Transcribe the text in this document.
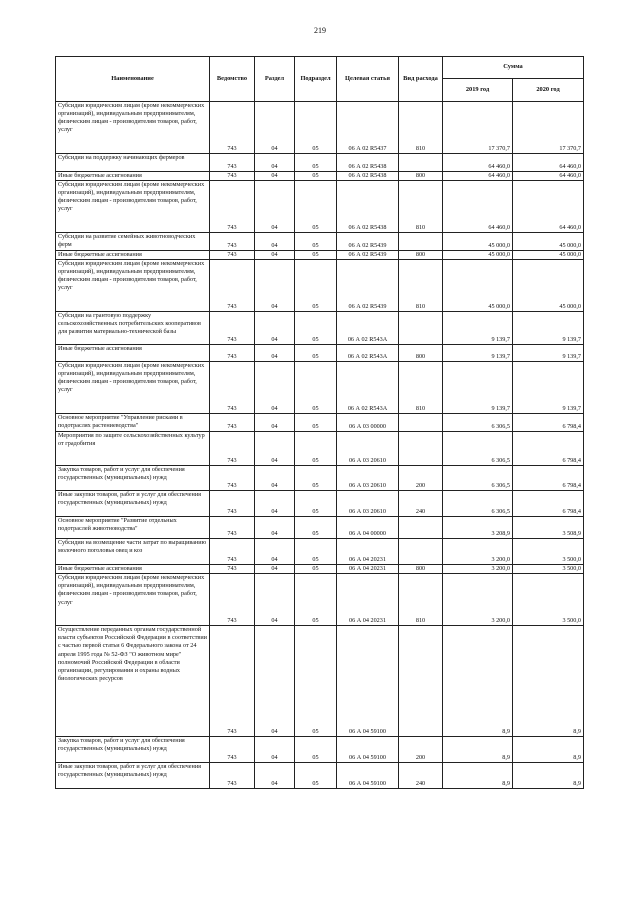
219
Наименование	Ведомство	Раздел	Подраздел	Целевая статья	Вид расхода	Сумма	
						2019 год	2020 год
Субсидии юридическим лицам (кроме некоммерческих организаций), индивидуальным предпринимателям, физическим лицам - производителям товаров, работ, услуг	743	04	05	06 А 02 R5437	810	17 370,7	17 370,7
Субсидии на поддержку начинающих фермеров	743	04	05	06 А 02 R5438		64 460,0	64 460,0
Иные бюджетные ассигнования	743	04	05	06 А 02 R5438	800	64 460,0	64 460,0
Субсидии юридическим лицам (кроме некоммерческих организаций), индивидуальным предпринимателям, физическим лицам - производителям товаров, работ, услуг	743	04	05	06 А 02 R5438	810	64 460,0	64 460,0
Субсидии на развитие семейных животноводческих ферм	743	04	05	06 А 02 R5439		45 000,0	45 000,0
Иные бюджетные ассигнования	743	04	05	06 А 02 R5439	800	45 000,0	45 000,0
Субсидии юридическим лицам (кроме некоммерческих организаций), индивидуальным предпринимателям, физическим лицам - производителям товаров, работ, услуг	743	04	05	06 А 02 R5439	810	45 000,0	45 000,0
Субсидии на грантовую поддержку сельскохозяйственных потребительских кооперативов для развития материально-технической базы	743	04	05	06 А 02 R543А		9 139,7	9 139,7
Иные бюджетные ассигнования	743	04	05	06 А 02 R543А	800	9 139,7	9 139,7
Субсидии юридическим лицам (кроме некоммерческих организаций), индивидуальным предпринимателям, физическим лицам - производителям товаров, работ, услуг	743	04	05	06 А 02 R543А	810	9 139,7	9 139,7
Основное мероприятие "Управление рисками в подотраслях растениеводства"	743	04	05	06 А 03 00000		6 306,5	6 798,4
Мероприятия по защите сельскохозяйственных культур от градобития	743	04	05	06 А 03 20610		6 306,5	6 798,4
Закупка товаров, работ и услуг для обеспечения государственных (муниципальных) нужд	743	04	05	06 А 03 20610	200	6 306,5	6 798,4
Иные закупки товаров, работ и услуг для обеспечения государственных (муниципальных) нужд	743	04	05	06 А 03 20610	240	6 306,5	6 798,4
Основное мероприятие "Развитие отдельных подотраслей животноводства"	743	04	05	06 А 04 00000		3 208,9	3 508,9
Субсидии на возмещение части затрат по выращиванию молочного поголовья овец и коз	743	04	05	06 А 04 20231		3 200,0	3 500,0
Иные бюджетные ассигнования	743	04	05	06 А 04 20231	800	3 200,0	3 500,0
Субсидии юридическим лицам (кроме некоммерческих организаций), индивидуальным предпринимателям, физическим лицам - производителям товаров, работ, услуг	743	04	05	06 А 04 20231	810	3 200,0	3 500,0
Осуществление переданных органам государственной власти субъектов Российской Федерации в соответствии с частью первой статьи 6 Федерального закона от 24 апреля 1995 года № 52-ФЗ "О животном мире" полномочий Российской Федерации в области организации, регулирования и охраны водных биологических ресурсов	743	04	05	06 А 04 59100		8,9	8,9
Закупка товаров, работ и услуг для обеспечения государственных (муниципальных) нужд	743	04	05	06 А 04 59100	200	8,9	8,9
Иные закупки товаров, работ и услуг для обеспечения государственных (муниципальных) нужд	743	04	05	06 А 04 59100	240	8,9	8,9
